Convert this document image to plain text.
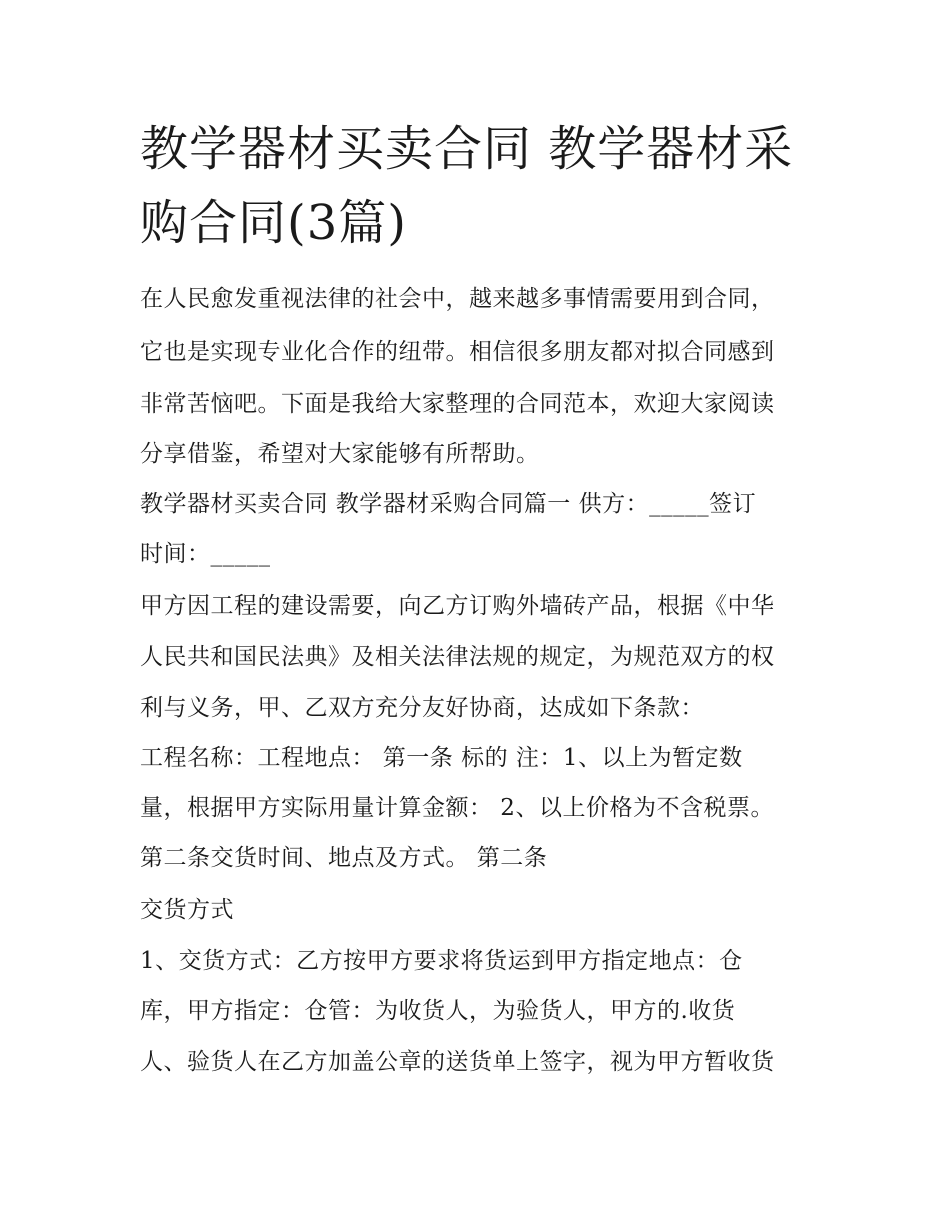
教学器材买卖合同 教学器材采购合同(3篇)

在人民愈发重视法律的社会中，越来越多事情需要用到合同，

它也是实现专业化合作的纽带。相信很多朋友都对拟合同感到

非常苦恼吧。下面是我给大家整理的合同范本，欢迎大家阅读

分享借鉴，希望对大家能够有所帮助。

教学器材买卖合同 教学器材采购合同篇一 供方：_____签订

时间：_____

甲方因工程的建设需要，向乙方订购外墙砖产品，根据《中华

人民共和国民法典》及相关法律法规的规定，为规范双方的权

利与义务，甲、乙双方充分友好协商，达成如下条款：

工程名称：工程地点： 第一条 标的 注：1、以上为暂定数

量，根据甲方实际用量计算金额： 2、以上价格为不含税票。

第二条交货时间、地点及方式。 第二条

交货方式

1、交货方式：乙方按甲方要求将货运到甲方指定地点：仓

库，甲方指定：仓管：为收货人，为验货人，甲方的.收货

人、验货人在乙方加盖公章的送货单上签字，视为甲方暂收货
